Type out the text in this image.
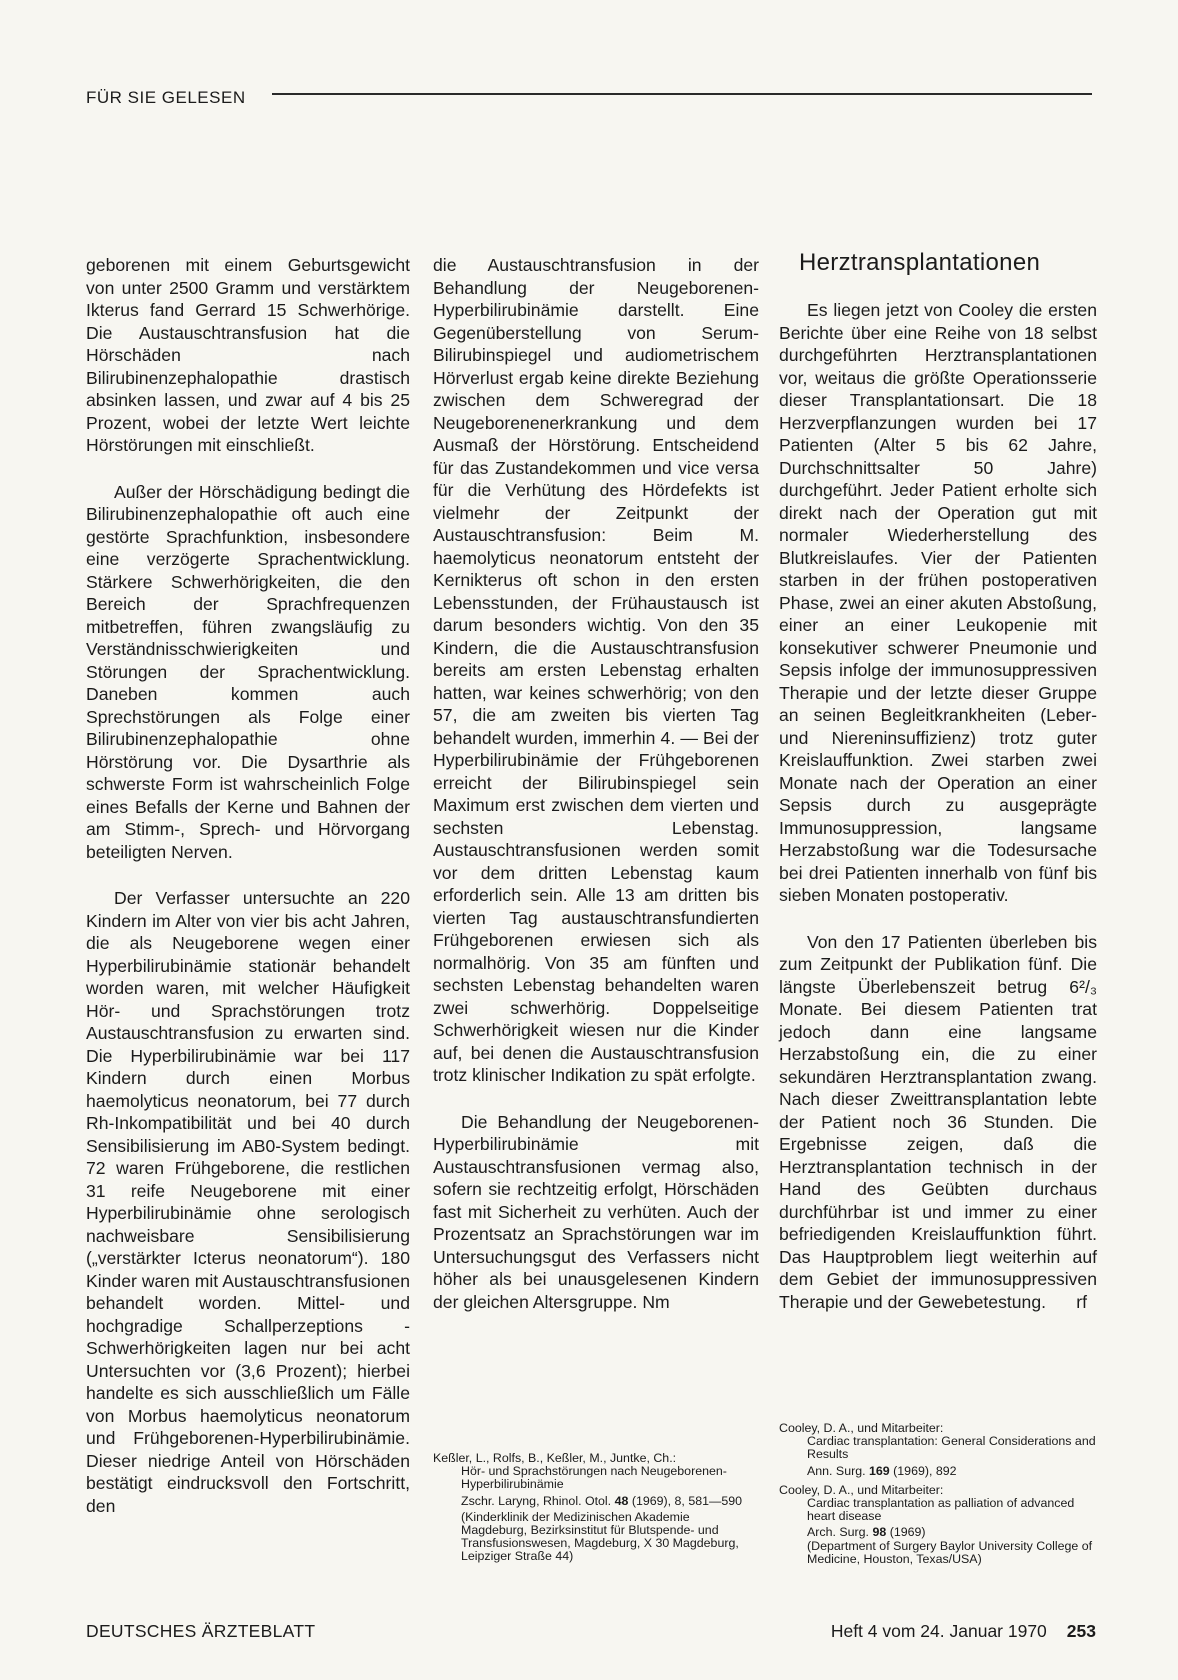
FÜR SIE GELESEN

geborenen mit einem Geburtsgewicht von unter 2500 Gramm und verstärktem Ikterus fand Gerrard 15 Schwerhörige. Die Austauschtransfusion hat die Hörschäden nach Bilirubinenzephalopathie drastisch absinken lassen, und zwar auf 4 bis 25 Prozent, wobei der letzte Wert leichte Hörstörungen mit einschließt.

Außer der Hörschädigung bedingt die Bilirubinenzephalopathie oft auch eine gestörte Sprachfunktion, insbesondere eine verzögerte Sprachentwicklung. Stärkere Schwerhörigkeiten, die den Bereich der Sprachfrequenzen mitbetreffen, führen zwangsläufig zu Verständnisschwierigkeiten und Störungen der Sprachentwicklung. Daneben kommen auch Sprechstörungen als Folge einer Bilirubinenzephalopathie ohne Hörstörung vor. Die Dysarthrie als schwerste Form ist wahrscheinlich Folge eines Befalls der Kerne und Bahnen der am Stimm-, Sprech- und Hörvorgang beteiligten Nerven.

Der Verfasser untersuchte an 220 Kindern im Alter von vier bis acht Jahren, die als Neugeborene wegen einer Hyperbilirubinämie stationär behandelt worden waren, mit welcher Häufigkeit Hör- und Sprachstörungen trotz Austauschtransfusion zu erwarten sind. Die Hyperbilirubinämie war bei 117 Kindern durch einen Morbus haemolyticus neonatorum, bei 77 durch Rh-Inkompatibilität und bei 40 durch Sensibilisierung im AB0-System bedingt. 72 waren Frühgeborene, die restlichen 31 reife Neugeborene mit einer Hyperbilirubinämie ohne serologisch nachweisbare Sensibilisierung („verstärkter Icterus neonatorum“). 180 Kinder waren mit Austauschtransfusionen behandelt worden. Mittel- und hochgradige Schallperzeptions - Schwerhörigkeiten lagen nur bei acht Untersuchten vor (3,6 Prozent); hierbei handelte es sich ausschließlich um Fälle von Morbus haemolyticus neonatorum und Frühgeborenen-Hyperbilirubinämie. Dieser niedrige Anteil von Hörschäden bestätigt eindrucksvoll den Fortschritt, den

die Austauschtransfusion in der Behandlung der Neugeborenen-Hyperbilirubinämie darstellt. Eine Gegenüberstellung von Serum-Bilirubinspiegel und audiometrischem Hörverlust ergab keine direkte Beziehung zwischen dem Schweregrad der Neugeborenenerkrankung und dem Ausmaß der Hörstörung. Entscheidend für das Zustandekommen und vice versa für die Verhütung des Hördefekts ist vielmehr der Zeitpunkt der Austauschtransfusion: Beim M. haemolyticus neonatorum entsteht der Kernikterus oft schon in den ersten Lebensstunden, der Frühaustausch ist darum besonders wichtig. Von den 35 Kindern, die die Austauschtransfusion bereits am ersten Lebenstag erhalten hatten, war keines schwerhörig; von den 57, die am zweiten bis vierten Tag behandelt wurden, immerhin 4. — Bei der Hyperbilirubinämie der Frühgeborenen erreicht der Bilirubinspiegel sein Maximum erst zwischen dem vierten und sechsten Lebenstag. Austauschtransfusionen werden somit vor dem dritten Lebenstag kaum erforderlich sein. Alle 13 am dritten bis vierten Tag austauschtransfundierten Frühgeborenen erwiesen sich als normalhörig. Von 35 am fünften und sechsten Lebenstag behandelten waren zwei schwerhörig. Doppelseitige Schwerhörigkeit wiesen nur die Kinder auf, bei denen die Austauschtransfusion trotz klinischer Indikation zu spät erfolgte.

Die Behandlung der Neugeborenen-Hyperbilirubinämie mit Austauschtransfusionen vermag also, sofern sie rechtzeitig erfolgt, Hörschäden fast mit Sicherheit zu verhüten. Auch der Prozentsatz an Sprachstörungen war im Untersuchungsgut des Verfassers nicht höher als bei unausgelesenen Kindern der gleichen Altersgruppe. Nm

Keßler, L., Rolfs, B., Keßler, M., Juntke, Ch.:
Hör- und Sprachstörungen nach Neugeborenen-Hyperbilirubinämie
Zschr. Laryng, Rhinol. Otol. 48 (1969), 8, 581—590
(Kinderklinik der Medizinischen Akademie Magdeburg, Bezirksinstitut für Blutspende- und Transfusionswesen, Magdeburg, X 30 Magdeburg, Leipziger Straße 44)
Herztransplantationen

Es liegen jetzt von Cooley die ersten Berichte über eine Reihe von 18 selbst durchgeführten Herztransplantationen vor, weitaus die größte Operationsserie dieser Transplantationsart. Die 18 Herzverpflanzungen wurden bei 17 Patienten (Alter 5 bis 62 Jahre, Durchschnittsalter 50 Jahre) durchgeführt. Jeder Patient erholte sich direkt nach der Operation gut mit normaler Wiederherstellung des Blutkreislaufes. Vier der Patienten starben in der frühen postoperativen Phase, zwei an einer akuten Abstoßung, einer an einer Leukopenie mit konsekutiver schwerer Pneumonie und Sepsis infolge der immunosuppressiven Therapie und der letzte dieser Gruppe an seinen Begleitkrankheiten (Leber- und Niereninsuffizienz) trotz guter Kreislauffunktion. Zwei starben zwei Monate nach der Operation an einer Sepsis durch zu ausgeprägte Immunosuppression, langsame Herzabstoßung war die Todesursache bei drei Patienten innerhalb von fünf bis sieben Monaten postoperativ.

Von den 17 Patienten überleben bis zum Zeitpunkt der Publikation fünf. Die längste Überlebenszeit betrug 6²/₃ Monate. Bei diesem Patienten trat jedoch dann eine langsame Herzabstoßung ein, die zu einer sekundären Herztransplantation zwang. Nach dieser Zweittransplantation lebte der Patient noch 36 Stunden. Die Ergebnisse zeigen, daß die Herztransplantation technisch in der Hand des Geübten durchaus durchführbar ist und immer zu einer befriedigenden Kreislauffunktion führt. Das Hauptproblem liegt weiterhin auf dem Gebiet der immunosuppressiven Therapie und der Gewebetestung.	rf

Cooley, D. A., und Mitarbeiter:
Cardiac transplantation: General Considerations and Results
Ann. Surg. 169 (1969), 892
Cooley, D. A., und Mitarbeiter:
Cardiac transplantation as palliation of advanced heart disease
Arch. Surg. 98 (1969)
(Department of Surgery Baylor University College of Medicine, Houston, Texas/USA)
DEUTSCHES ÄRZTEBLATT	Heft 4 vom 24. Januar 1970 253
